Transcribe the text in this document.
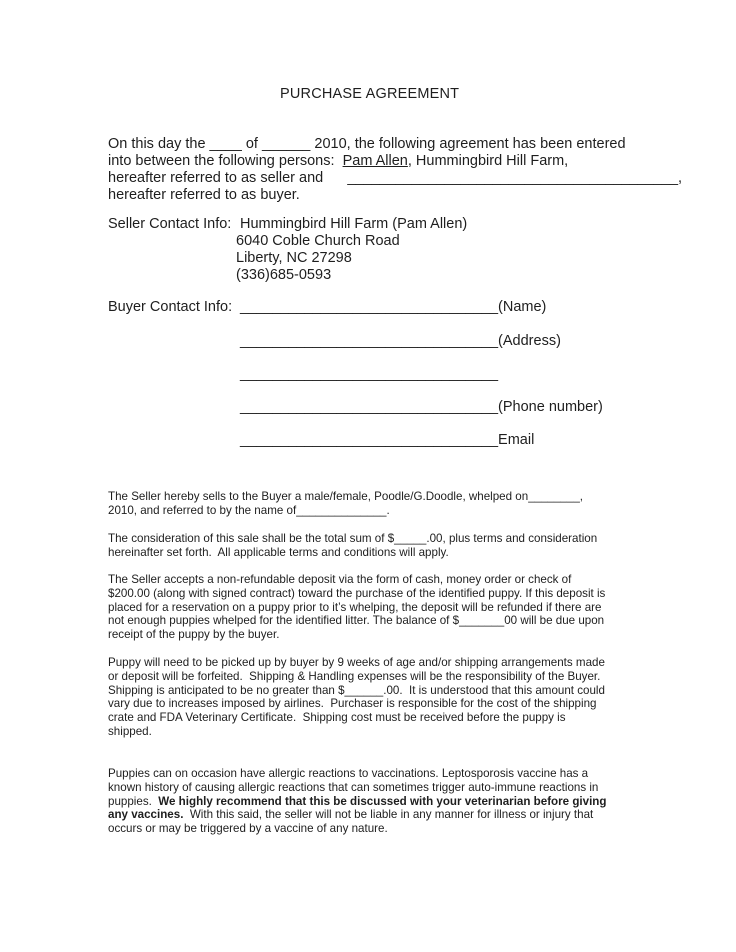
PURCHASE AGREEMENT
On this day the ____ of ______ 2010, the following agreement has been entered
into between the following persons:  Pam Allen, Hummingbird Hill Farm,
hereafter referred to as seller and      _________________________________________,
hereafter referred to as buyer.
Seller Contact Info: Hummingbird Hill Farm (Pam Allen)
6040 Coble Church Road
Liberty, NC 27298
(336)685-0593
Buyer Contact Info: ________________________________(Name)
________________________________(Address)
________________________________
________________________________(Phone number)
________________________________Email
The Seller hereby sells to the Buyer a male/female, Poodle/G.Doodle, whelped on________,
2010, and referred to by the name of______________.
The consideration of this sale shall be the total sum of $_____.00, plus terms and consideration
hereinafter set forth.  All applicable terms and conditions will apply.
The Seller accepts a non-refundable deposit via the form of cash, money order or check of
$200.00 (along with signed contract) toward the purchase of the identified puppy. If this deposit is
placed for a reservation on a puppy prior to it’s whelping, the deposit will be refunded if there are
not enough puppies whelped for the identified litter. The balance of $_______00 will be due upon
receipt of the puppy by the buyer.
Puppy will need to be picked up by buyer by 9 weeks of age and/or shipping arrangements made
or deposit will be forfeited.  Shipping & Handling expenses will be the responsibility of the Buyer.
Shipping is anticipated to be no greater than $______.00.  It is understood that this amount could
vary due to increases imposed by airlines.  Purchaser is responsible for the cost of the shipping
crate and FDA Veterinary Certificate.  Shipping cost must be received before the puppy is
shipped.
Puppies can on occasion have allergic reactions to vaccinations. Leptosporosis vaccine has a
known history of causing allergic reactions that can sometimes trigger auto-immune reactions in
puppies.  We highly recommend that this be discussed with your veterinarian before giving
any vaccines.  With this said, the seller will not be liable in any manner for illness or injury that
occurs or may be triggered by a vaccine of any nature.
